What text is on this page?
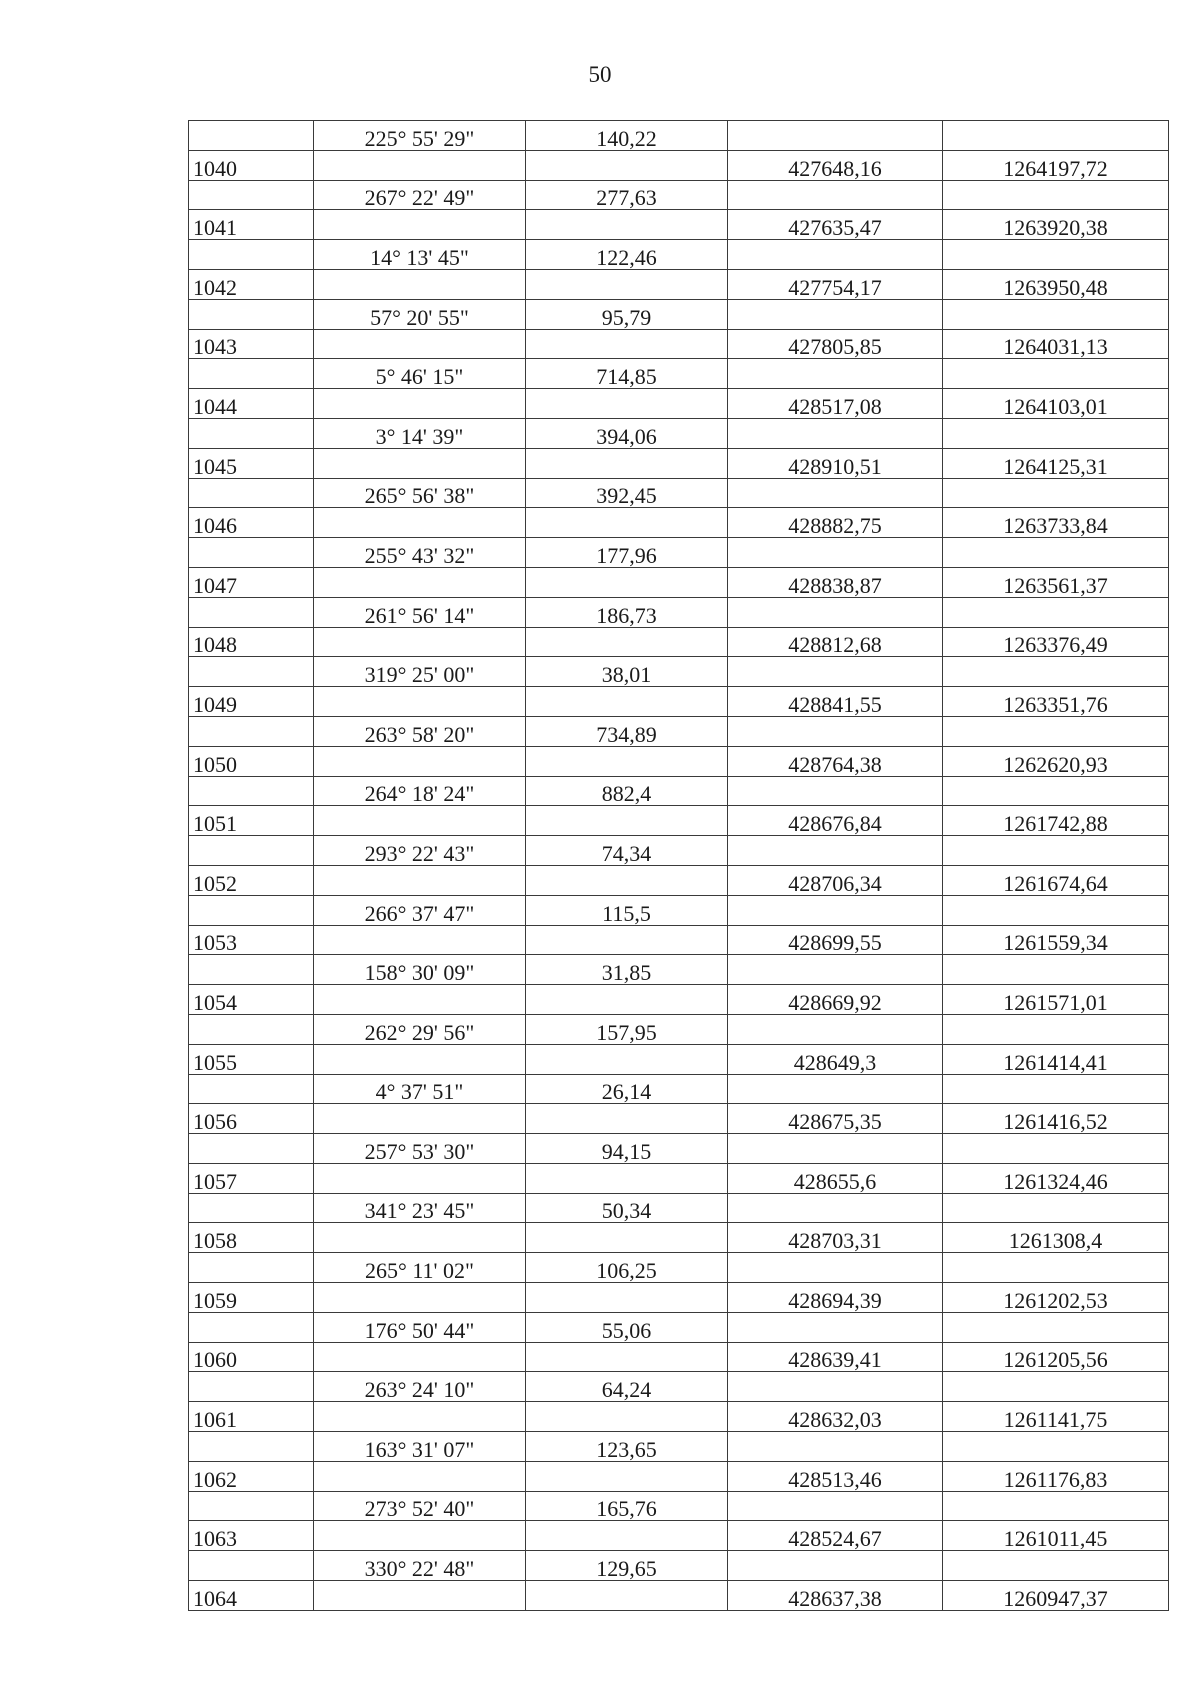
50
	225° 55' 29"	140,22		
1040			427648,16	1264197,72
	267° 22' 49"	277,63		
1041			427635,47	1263920,38
	14° 13' 45"	122,46		
1042			427754,17	1263950,48
	57° 20' 55"	95,79		
1043			427805,85	1264031,13
	5° 46' 15"	714,85		
1044			428517,08	1264103,01
	3° 14' 39"	394,06		
1045			428910,51	1264125,31
	265° 56' 38"	392,45		
1046			428882,75	1263733,84
	255° 43' 32"	177,96		
1047			428838,87	1263561,37
	261° 56' 14"	186,73		
1048			428812,68	1263376,49
	319° 25' 00"	38,01		
1049			428841,55	1263351,76
	263° 58' 20"	734,89		
1050			428764,38	1262620,93
	264° 18' 24"	882,4		
1051			428676,84	1261742,88
	293° 22' 43"	74,34		
1052			428706,34	1261674,64
	266° 37' 47"	115,5		
1053			428699,55	1261559,34
	158° 30' 09"	31,85		
1054			428669,92	1261571,01
	262° 29' 56"	157,95		
1055			428649,3	1261414,41
	4° 37' 51"	26,14		
1056			428675,35	1261416,52
	257° 53' 30"	94,15		
1057			428655,6	1261324,46
	341° 23' 45"	50,34		
1058			428703,31	1261308,4
	265° 11' 02"	106,25		
1059			428694,39	1261202,53
	176° 50' 44"	55,06		
1060			428639,41	1261205,56
	263° 24' 10"	64,24		
1061			428632,03	1261141,75
	163° 31' 07"	123,65		
1062			428513,46	1261176,83
	273° 52' 40"	165,76		
1063			428524,67	1261011,45
	330° 22' 48"	129,65		
1064			428637,38	1260947,37
